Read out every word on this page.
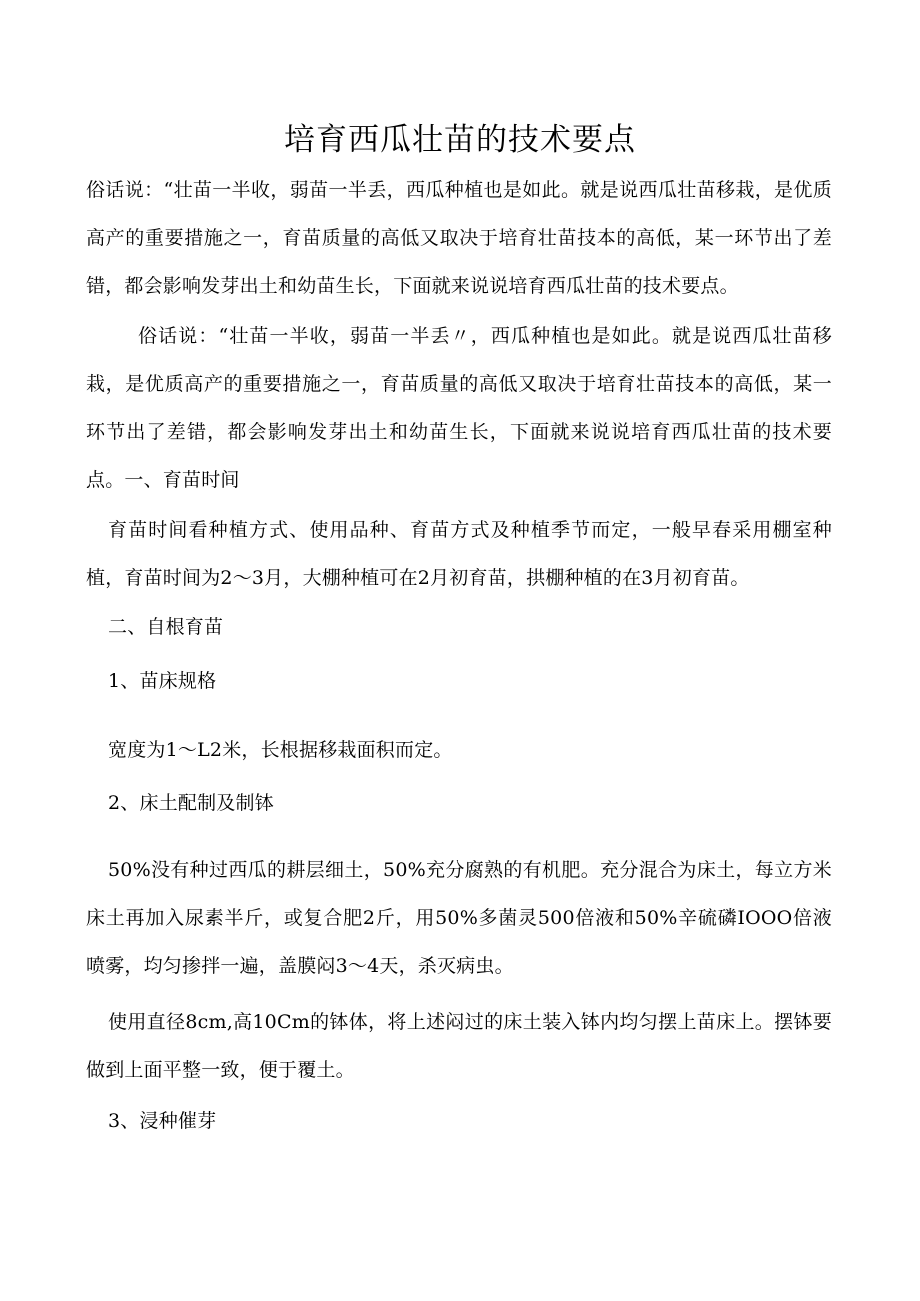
培育西瓜壮苗的技术要点

俗话说：“壮苗一半收，弱苗一半丢，西瓜种植也是如此。就是说西瓜壮苗移栽，是优质高产的重要措施之一，育苗质量的高低又取决于培育壮苗技本的高低，某一环节出了差错，都会影响发芽出土和幼苗生长，下面就来说说培育西瓜壮苗的技术要点。

俗话说：“壮苗一半收，弱苗一半丢〃，西瓜种植也是如此。就是说西瓜壮苗移栽，是优质高产的重要措施之一，育苗质量的高低又取决于培育壮苗技本的高低，某一环节出了差错，都会影响发芽出土和幼苗生长，下面就来说说培育西瓜壮苗的技术要点。一、育苗时间

育苗时间看种植方式、使用品种、育苗方式及种植季节而定，一般早春采用棚室种植，育苗时间为2～3月，大棚种植可在2月初育苗，拱棚种植的在3月初育苗。

二、自根育苗

1、苗床规格

宽度为1～L2米，长根据移栽面积而定。

2、床土配制及制钵

50%没有种过西瓜的耕层细土，50%充分腐熟的有机肥。充分混合为床土，每立方米床土再加入尿素半斤，或复合肥2斤，用50%多菌灵500倍液和50%辛硫磷IOOO倍液喷雾，均匀掺拌一遍，盖膜闷3～4天，杀灭病虫。

使用直径8cm,高10Cm的钵体，将上述闷过的床土装入钵内均匀摆上苗床上。摆钵要做到上面平整一致，便于覆土。

3、浸种催芽
